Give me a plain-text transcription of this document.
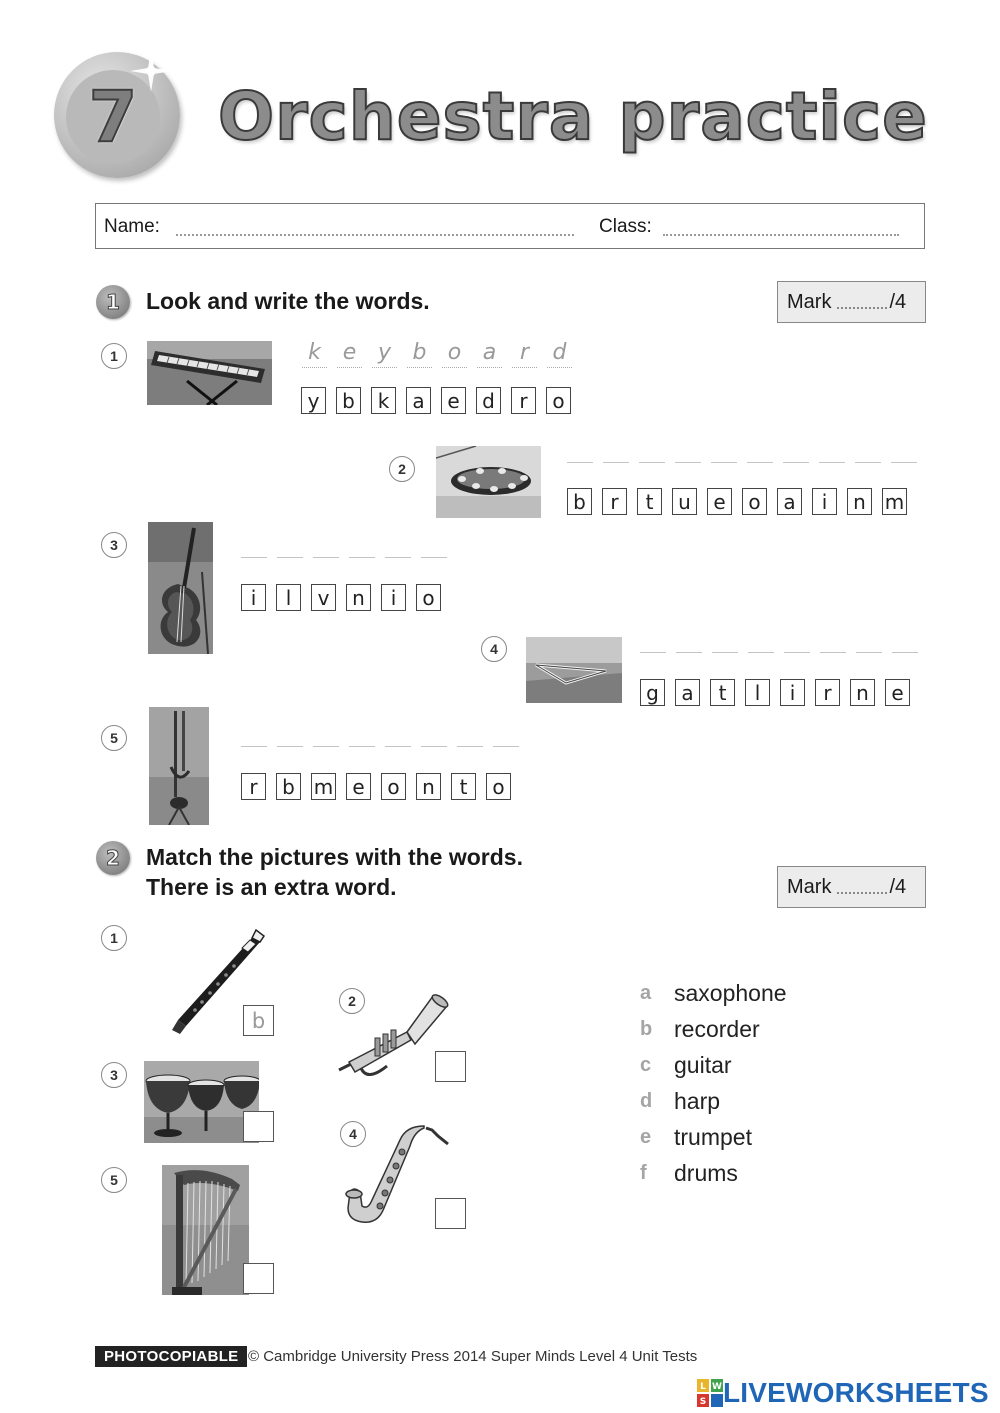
7 Orchestra practice
Name:	Class:
1 Look and write the words.	Mark	/4
1	k e y b o a	r	d
y	b	k	a	e	d	r	o
2
b	r	t	u	e	o	a	i	n m
3
i	l	v	n	i	o
4
g	a	t	l	i	r	n	e
5
r	b m e	o	n	t	o
2 Match the pictures with the words.
There is an extra word.	Mark	/4
1
b
2
3
4
5
a saxophone
b recorder
c guitar
d harp
e trumpet
f	drums
PHOTOCOPIABLE © Cambridge University Press 2014 Super Minds Level 4 Unit Tests
L W
S LIVEWORKSHEETS
